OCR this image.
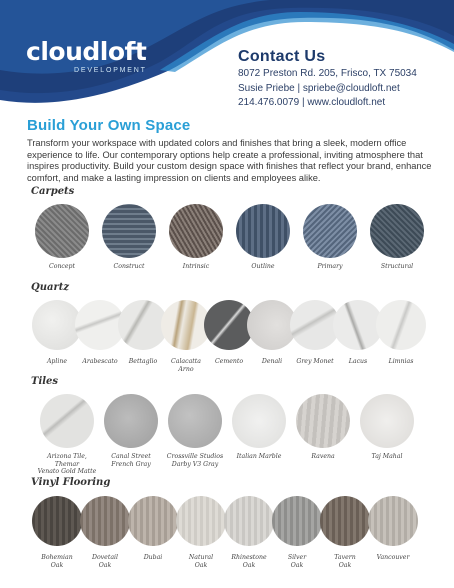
cloudloft
DEVELOPMENT
Contact Us
8072 Preston Rd. 205, Frisco, TX 75034
Susie Priebe | spriebe@cloudloft.net
214.476.0079 | www.cloudloft.net
Build Your Own Space
Transform your workspace with updated colors and finishes that bring a sleek, modern office experience to life. Our contemporary options help create a professional, inviting atmosphere that inspires productivity. Build your custom design space with finishes that reflect your brand, enhance comfort, and make a lasting impression on clients and employees alike.
Carpets
Concept	Construct	Intrinsic	Outline	Primary	Structural
Quartz
Apline	Arabescato	Bettaglio	Calacatta
Arno
Cemento	Denali	Grey Monet	Lacus	Limnias
Tiles
Arizona Tile, Themar
Venato Gold Matte
Canal Street
French Gray
Crossville Studios
Darby V3 Gray
Italian Marble	Ravena	Taj Mahal
Vinyl Flooring
Bohemian
Oak
Dovetail
Oak
Dubai	Natural
Oak
Rhinestone
Oak
Silver
Oak
Tavern
Oak
Vancouver
